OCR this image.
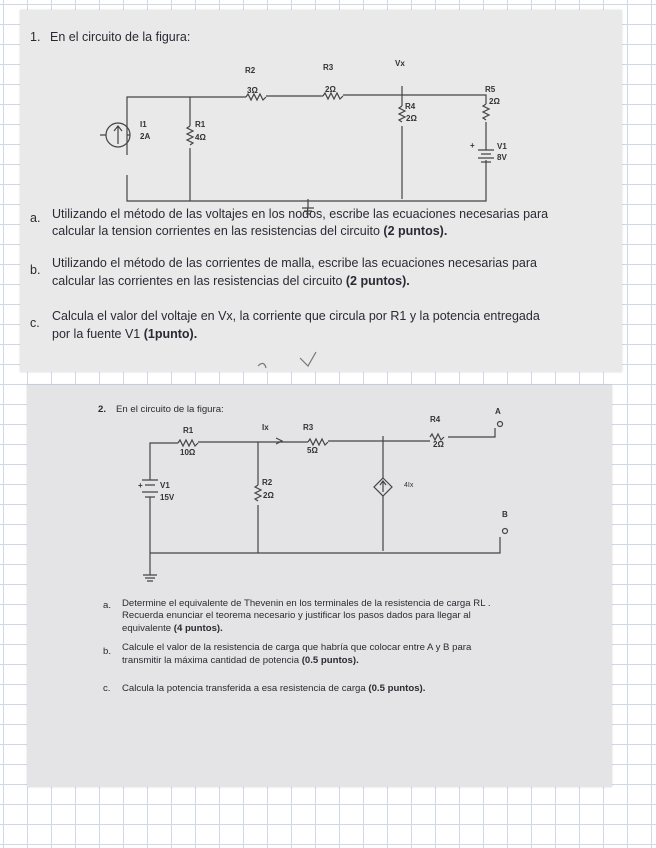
1. En el circuito de la figura:
a. Utilizando el método de las voltajes en los nodos, escribe las ecuaciones necesarias para
calcular la tension corrientes en las resistencias del circuito (2 puntos).
b. Utilizando el método de las corrientes de malla, escribe las ecuaciones necesarias para
calcular las corrientes en las resistencias del circuito (2 puntos).
c. Calcula el valor del voltaje en Vx, la corriente que circula por R1 y la potencia entregada
por la fuente V1 (1punto).
2. En el circuito de la figura:
a. Determine el equivalente de Thevenin en los terminales de la resistencia de carga RL .
Recuerda enunciar el teorema necesario y justificar los pasos dados para llegar al
equivalente (4 puntos).
b. Calcule el valor de la resistencia de carga que habría que colocar entre A y B para
transmitir la máxima cantidad de potencia (0.5 puntos).
c. Calcula la potencia transferida a esa resistencia de carga (0.5 puntos).
R2
3Ω
R3
2Ω
Vx
R5
2Ω
R4
2Ω
I1
2A
R1
4Ω
V1
8V
+
R1
10Ω
Ix	R3
5Ω
R4
2Ω
A
B
R2
2Ω
4Ix
V1
15V
+
